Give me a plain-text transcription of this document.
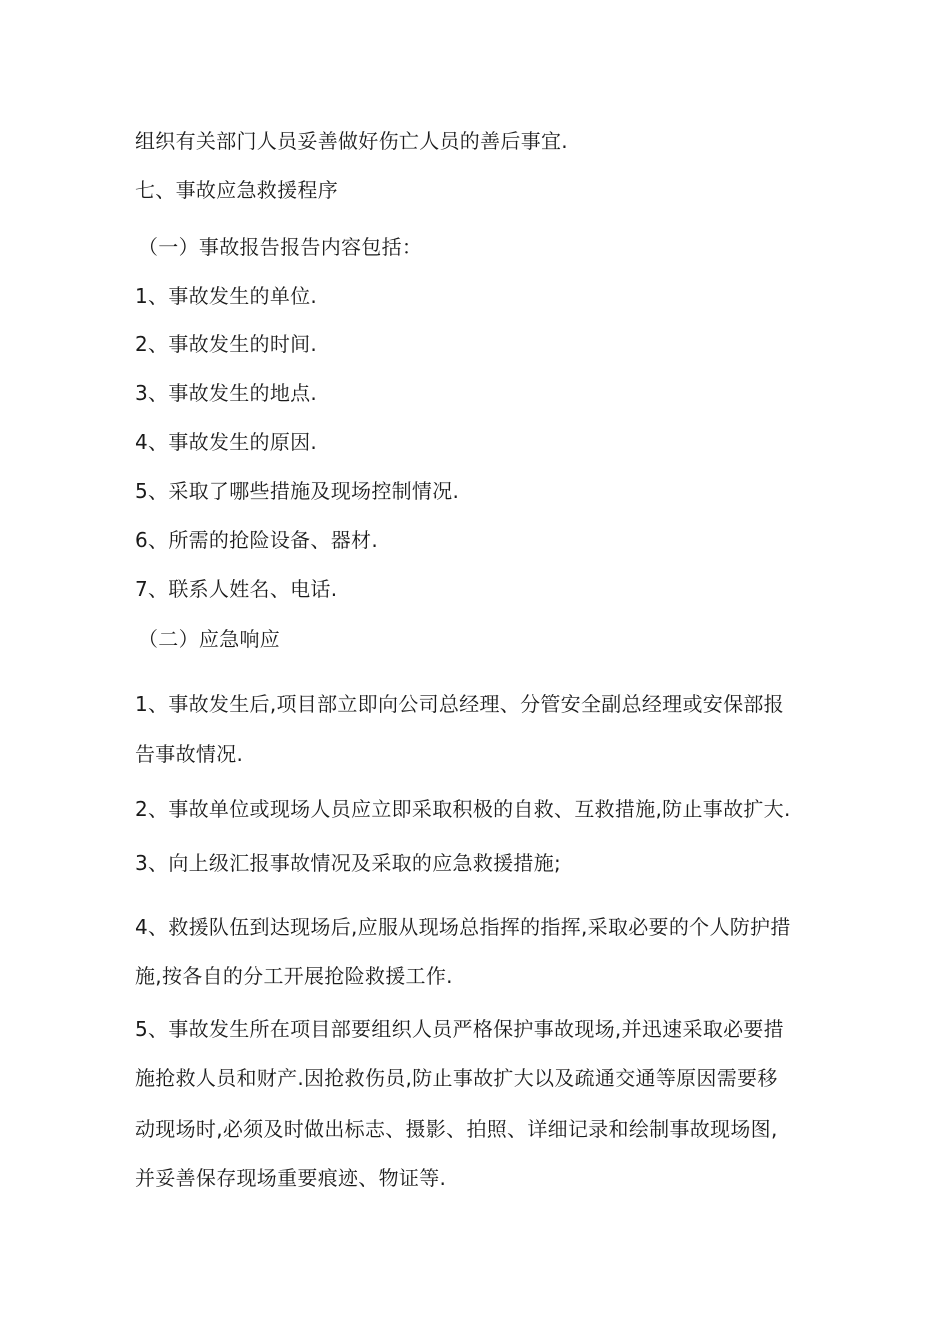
组织有关部门人员妥善做好伤亡人员的善后事宜.
七、事故应急救援程序
（一）事故报告报告内容包括：
1、事故发生的单位.
2、事故发生的时间.
3、事故发生的地点.
4、事故发生的原因.
5、采取了哪些措施及现场控制情况.
6、所需的抢险设备、器材.
7、联系人姓名、电话.
（二）应急响应
1、事故发生后,项目部立即向公司总经理、分管安全副总经理或安保部报
告事故情况.
2、事故单位或现场人员应立即采取积极的自救、互救措施,防止事故扩大.
3、向上级汇报事故情况及采取的应急救援措施;
4、救援队伍到达现场后,应服从现场总指挥的指挥,采取必要的个人防护措
施,按各自的分工开展抢险救援工作.
5、事故发生所在项目部要组织人员严格保护事故现场,并迅速采取必要措
施抢救人员和财产.因抢救伤员,防止事故扩大以及疏通交通等原因需要移
动现场时,必须及时做出标志、摄影、拍照、详细记录和绘制事故现场图,
并妥善保存现场重要痕迹、物证等.
